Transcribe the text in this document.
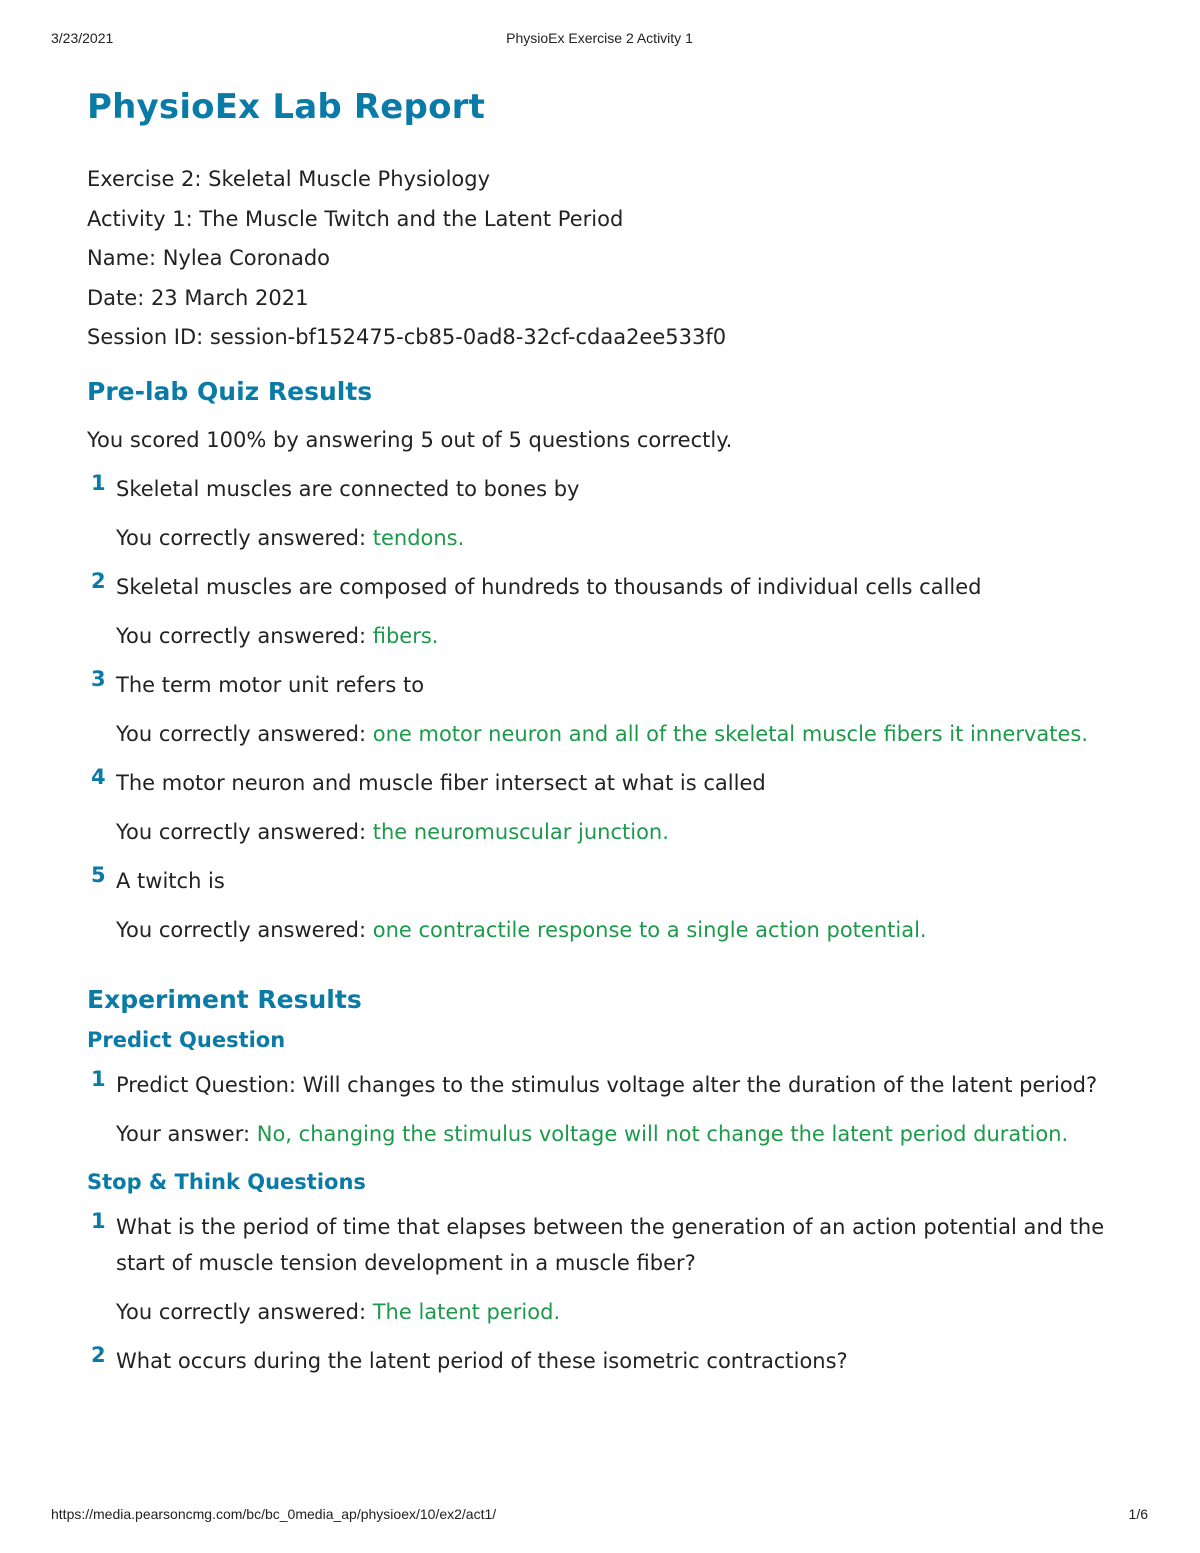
3/23/2021	PhysioEx Exercise 2 Activity 1
PhysioEx Lab Report
Exercise 2: Skeletal Muscle Physiology
Activity 1: The Muscle Twitch and the Latent Period
Name: Nylea Coronado
Date: 23 March 2021
Session ID: session-bf152475-cb85-0ad8-32cf-cdaa2ee533f0
Pre-lab Quiz Results
You scored 100% by answering 5 out of 5 questions correctly.
1 Skeletal muscles are connected to bones by
You correctly answered: tendons.
2 Skeletal muscles are composed of hundreds to thousands of individual cells called
You correctly answered: fibers.
3 The term motor unit refers to
You correctly answered: one motor neuron and all of the skeletal muscle fibers it innervates.
4 The motor neuron and muscle fiber intersect at what is called
You correctly answered: the neuromuscular junction.
5 A twitch is
You correctly answered: one contractile response to a single action potential.
Experiment Results
Predict Question
1 Predict Question: Will changes to the stimulus voltage alter the duration of the latent period?
Your answer: No, changing the stimulus voltage will not change the latent period duration.
Stop & Think Questions
1 What is the period of time that elapses between the generation of an action potential and the start of muscle tension development in a muscle fiber?
You correctly answered: The latent period.
2 What occurs during the latent period of these isometric contractions?
https://media.pearsoncmg.com/bc/bc_0media_ap/physioex/10/ex2/act1/	1/6
